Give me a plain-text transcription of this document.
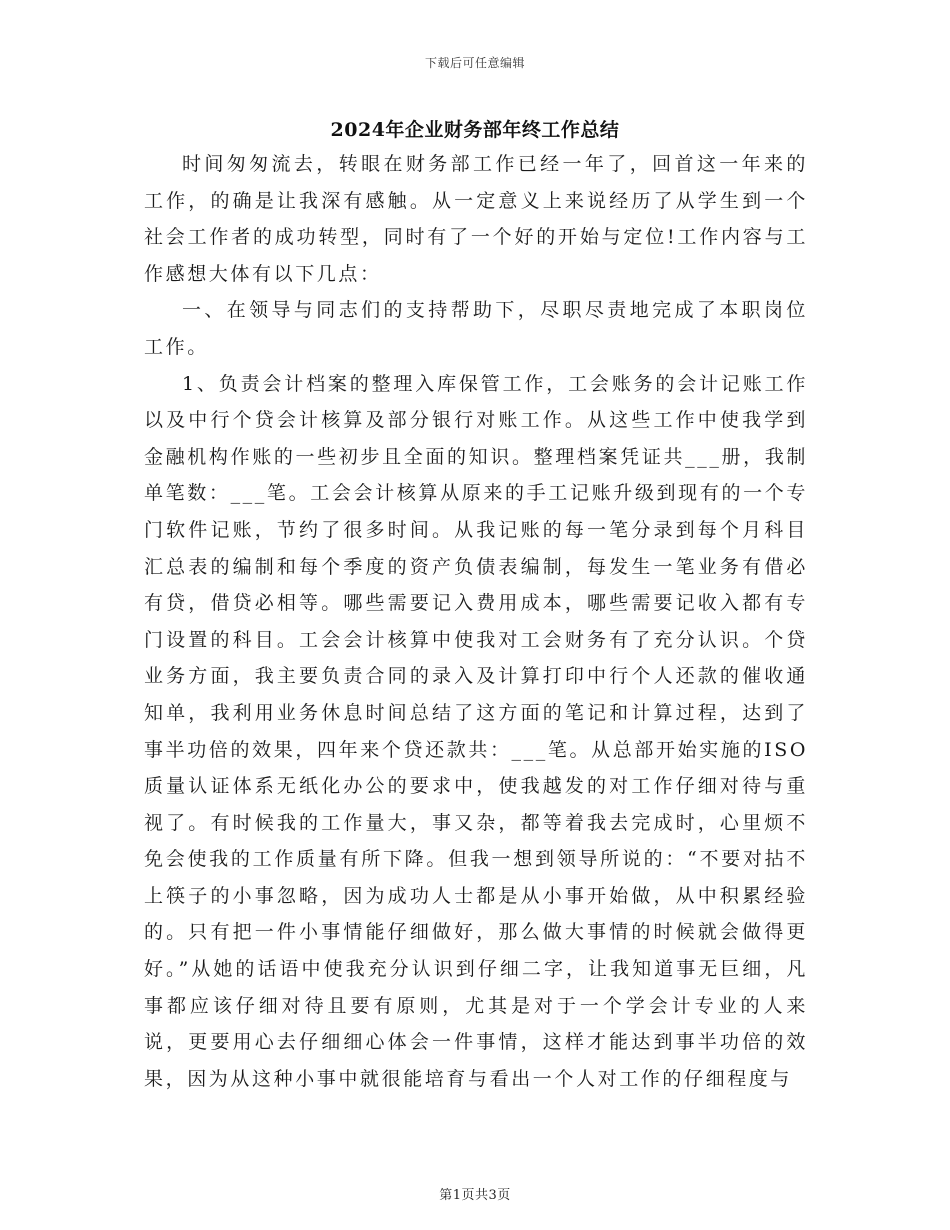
下载后可任意编辑
2024年企业财务部年终工作总结

时间匆匆流去，转眼在财务部工作已经一年了，回首这一年来的工作，的确是让我深有感触。从一定意义上来说经历了从学生到一个社会工作者的成功转型，同时有了一个好的开始与定位!工作内容与工作感想大体有以下几点：

一、在领导与同志们的支持帮助下，尽职尽责地完成了本职岗位工作。

1、负责会计档案的整理入库保管工作，工会账务的会计记账工作以及中行个贷会计核算及部分银行对账工作。从这些工作中使我学到金融机构作账的一些初步且全面的知识。整理档案凭证共___册，我制单笔数：___笔。工会会计核算从原来的手工记账升级到现有的一个专门软件记账，节约了很多时间。从我记账的每一笔分录到每个月科目汇总表的编制和每个季度的资产负债表编制，每发生一笔业务有借必有贷，借贷必相等。哪些需要记入费用成本，哪些需要记收入都有专门设置的科目。工会会计核算中使我对工会财务有了充分认识。个贷业务方面，我主要负责合同的录入及计算打印中行个人还款的催收通知单，我利用业务休息时间总结了这方面的笔记和计算过程，达到了事半功倍的效果，四年来个贷还款共：___笔。从总部开始实施的ISO质量认证体系无纸化办公的要求中，使我越发的对工作仔细对待与重视了。有时候我的工作量大，事又杂，都等着我去完成时，心里烦不免会使我的工作质量有所下降。但我一想到领导所说的：“不要对拈不上筷子的小事忽略，因为成功人士都是从小事开始做，从中积累经验的。只有把一件小事情能仔细做好，那么做大事情的时候就会做得更好。”从她的话语中使我充分认识到仔细二字，让我知道事无巨细，凡事都应该仔细对待且要有原则，尤其是对于一个学会计专业的人来说，更要用心去仔细细心体会一件事情，这样才能达到事半功倍的效果，因为从这种小事中就很能培育与看出一个人对工作的仔细程度与

第1页共3页
